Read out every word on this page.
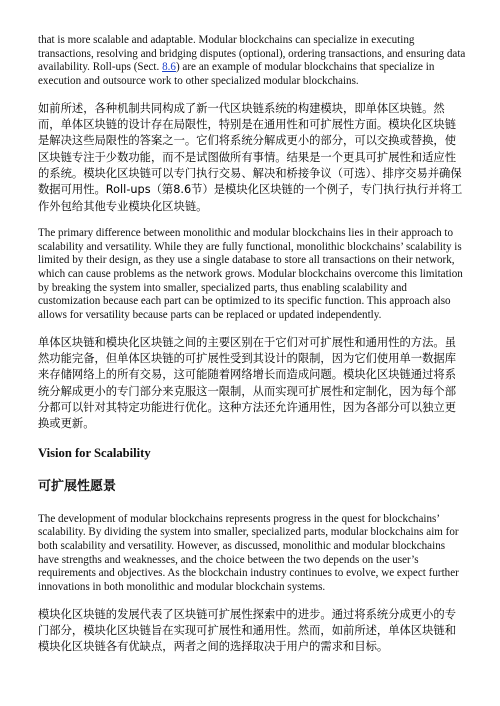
that is more scalable and adaptable. Modular blockchains can specialize in executing transactions, resolving and bridging disputes (optional), ordering transactions, and ensuring data availability. Roll-ups (Sect. 8.6) are an example of modular blockchains that specialize in execution and outsource work to other specialized modular blockchains.

如前所述，各种机制共同构成了新一代区块链系统的构建模块，即单体区块链。然而，单体区块链的设计存在局限性，特别是在通用性和可扩展性方面。模块化区块链是解决这些局限性的答案之一。它们将系统分解成更小的部分，可以交换或替换，使区块链专注于少数功能，而不是试图做所有事情。结果是一个更具可扩展性和适应性的系统。模块化区块链可以专门执行交易、解决和桥接争议（可选）、排序交易并确保数据可用性。Roll-ups（第8.6节）是模块化区块链的一个例子，专门执行执行并将工作外包给其他专业模块化区块链。

The primary difference between monolithic and modular blockchains lies in their approach to scalability and versatility. While they are fully functional, monolithic blockchains’ scalability is limited by their design, as they use a single database to store all transactions on their network, which can cause problems as the network grows. Modular blockchains overcome this limitation by breaking the system into smaller, specialized parts, thus enabling scalability and customization because each part can be optimized to its specific function. This approach also allows for versatility because parts can be replaced or updated independently.

单体区块链和模块化区块链之间的主要区别在于它们对可扩展性和通用性的方法。虽然功能完备，但单体区块链的可扩展性受到其设计的限制，因为它们使用单一数据库来存储网络上的所有交易，这可能随着网络增长而造成问题。模块化区块链通过将系统分解成更小的专门部分来克服这一限制，从而实现可扩展性和定制化，因为每个部分都可以针对其特定功能进行优化。这种方法还允许通用性，因为各部分可以独立更换或更新。

Vision for Scalability
可扩展性愿景

The development of modular blockchains represents progress in the quest for blockchains’ scalability. By dividing the system into smaller, specialized parts, modular blockchains aim for both scalability and versatility. However, as discussed, monolithic and modular blockchains have strengths and weaknesses, and the choice between the two depends on the user’s requirements and objectives. As the blockchain industry continues to evolve, we expect further innovations in both monolithic and modular blockchain systems.

模块化区块链的发展代表了区块链可扩展性探索中的进步。通过将系统分成更小的专门部分，模块化区块链旨在实现可扩展性和通用性。然而，如前所述，单体区块链和模块化区块链各有优缺点，两者之间的选择取决于用户的需求和目标。
